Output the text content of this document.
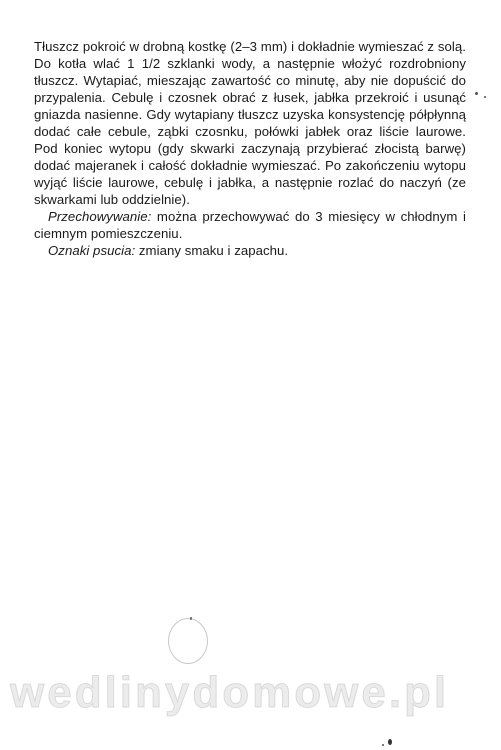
Tłuszcz pokroić w drobną kostkę (2–3 mm) i dokładnie wymieszać z solą. Do kotła wlać 1 1/2 szklanki wody, a następnie włożyć rozdrobniony tłuszcz. Wytapiać, mieszając zawartość co minutę, aby nie dopuścić do przypalenia. Cebulę i czosnek obrać z łusek, jabłka przekroić i usunąć gniazda nasienne. Gdy wytapiany tłuszcz uzyska konsystencję półpłynną dodać całe cebule, ząbki czosnku, połówki jabłek oraz liście laurowe. Pod koniec wytopu (gdy skwarki zaczynają przybierać złocistą barwę) dodać majeranek i całość dokładnie wymieszać. Po zakończeniu wytopu wyjąć liście laurowe, cebulę i jabłka, a następnie rozlać do naczyń (ze skwarkami lub oddzielnie).

Przechowywanie: można przechowywać do 3 miesięcy w chłodnym i ciemnym pomieszczeniu.

Oznaki psucia: zmiany smaku i zapachu.

wedlinydomowe.pl
